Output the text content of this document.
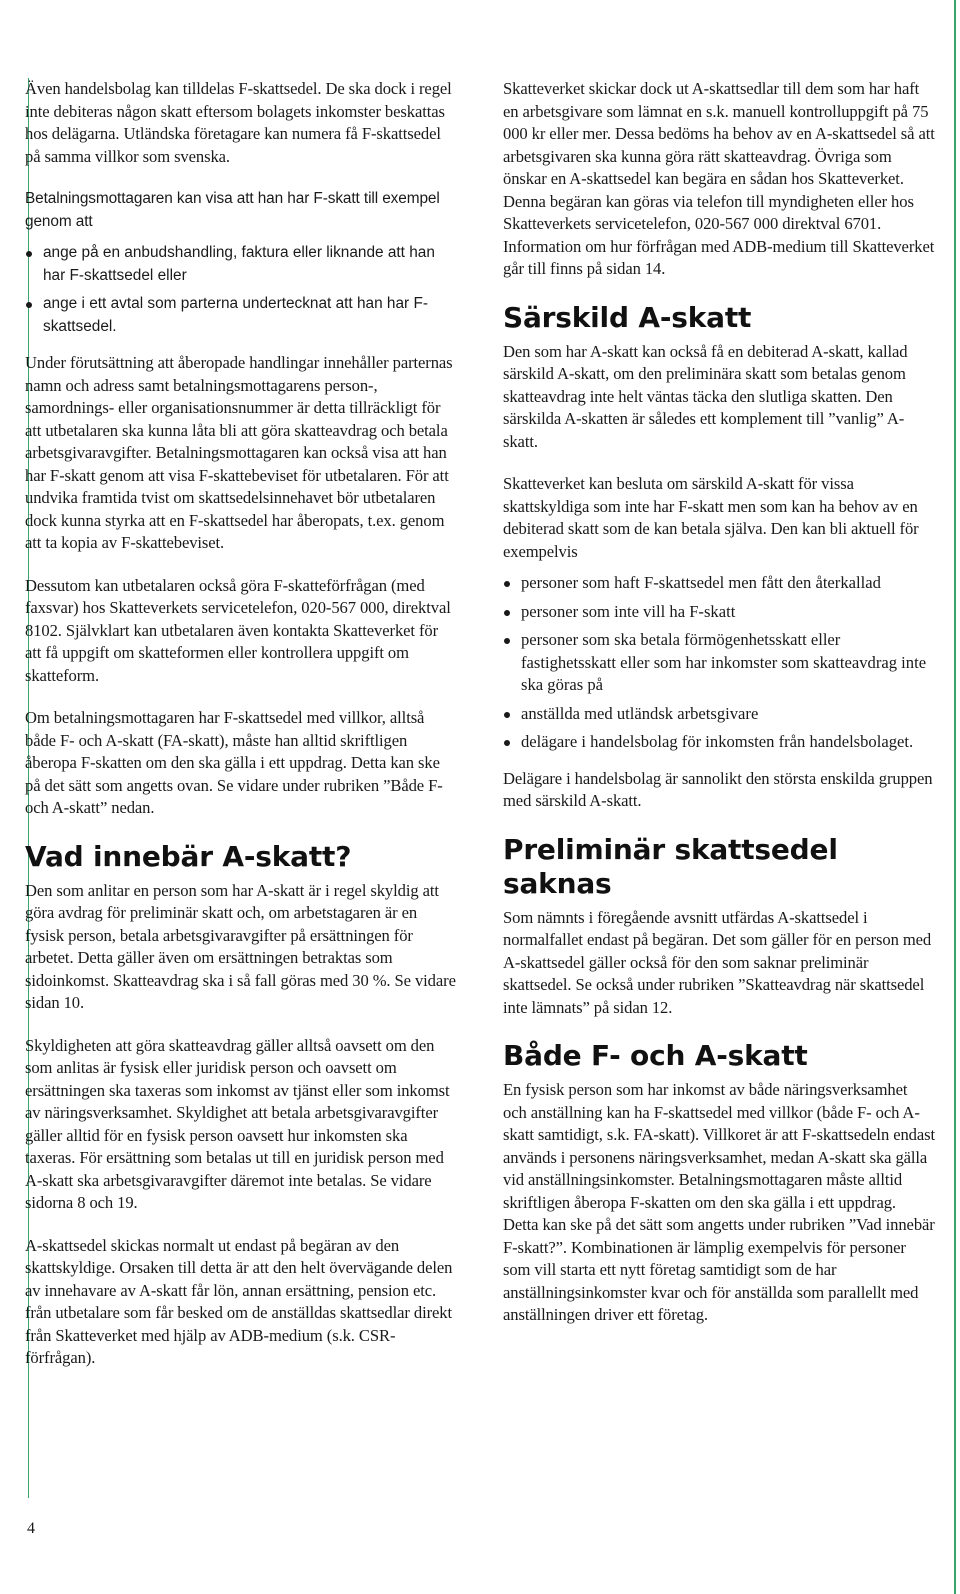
Även handelsbolag kan tilldelas F-skattsedel. De ska dock i regel inte debiteras någon skatt eftersom bolagets inkomster beskattas hos delägarna. Utländska företagare kan numera få F-skattsedel på samma villkor som svenska.

Betalningsmottagaren kan visa att han har F-skatt till exempel genom att

ange på en anbudshandling, faktura eller liknande att han har F-skattsedel eller
ange i ett avtal som parterna undertecknat att han har F-skattsedel.

Under förutsättning att åberopade handlingar innehåller parternas namn och adress samt betalningsmottagarens person-, samordnings- eller organisationsnummer är detta tillräckligt för att utbetalaren ska kunna låta bli att göra skatteavdrag och betala arbetsgivaravgifter. Betalningsmottagaren kan också visa att han har F-skatt genom att visa F-skattebeviset för utbetalaren. För att undvika framtida tvist om skattsedelsinnehavet bör utbetalaren dock kunna styrka att en F-skattsedel har åberopats, t.ex. genom att ta kopia av F-skattebeviset.

Dessutom kan utbetalaren också göra F-skatteförfrågan (med faxsvar) hos Skatteverkets servicetelefon, 020-567 000, direktval 8102. Självklart kan utbetalaren även kontakta Skatteverket för att få uppgift om skatteformen eller kontrollera uppgift om skatteform.

Om betalningsmottagaren har F-skattsedel med villkor, alltså både F- och A-skatt (FA-skatt), måste han alltid skriftligen åberopa F-skatten om den ska gälla i ett uppdrag. Detta kan ske på det sätt som angetts ovan. Se vidare under rubriken ”Både F- och A-skatt” nedan.

Vad innebär A-skatt?

Den som anlitar en person som har A-skatt är i regel skyldig att göra avdrag för preliminär skatt och, om arbetstagaren är en fysisk person, betala arbetsgivaravgifter på ersättningen för arbetet. Detta gäller även om ersättningen betraktas som sidoinkomst. Skatteavdrag ska i så fall göras med 30 %. Se vidare sidan 10.

Skyldigheten att göra skatteavdrag gäller alltså oavsett om den som anlitas är fysisk eller juridisk person och oavsett om ersättningen ska taxeras som inkomst av tjänst eller som inkomst av näringsverksamhet. Skyldighet att betala arbetsgivaravgifter gäller alltid för en fysisk person oavsett hur inkomsten ska taxeras. För ersättning som betalas ut till en juridisk person med A-skatt ska arbetsgivaravgifter däremot inte betalas. Se vidare sidorna 8 och 19.

A-skattsedel skickas normalt ut endast på begäran av den skattskyldige. Orsaken till detta är att den helt övervägande delen av innehavare av A-skatt får lön, annan ersättning, pension etc. från utbetalare som får besked om de anställdas skattsedlar direkt från Skatteverket med hjälp av ADB-medium (s.k. CSR-förfrågan).

Skatteverket skickar dock ut A-skattsedlar till dem som har haft en arbetsgivare som lämnat en s.k. manuell kontrolluppgift på 75 000 kr eller mer. Dessa bedöms ha behov av en A-skattsedel så att arbetsgivaren ska kunna göra rätt skatteavdrag. Övriga som önskar en A-skattsedel kan begära en sådan hos Skatteverket. Denna begäran kan göras via telefon till myndigheten eller hos Skatteverkets servicetelefon, 020-567 000 direktval 6701. Information om hur förfrågan med ADB-medium till Skatteverket går till finns på sidan 14.

Särskild A-skatt

Den som har A-skatt kan också få en debiterad A-skatt, kallad särskild A-skatt, om den preliminära skatt som betalas genom skatteavdrag inte helt väntas täcka den slutliga skatten. Den särskilda A-skatten är således ett komplement till ”vanlig” A-skatt.

Skatteverket kan besluta om särskild A-skatt för vissa skattskyldiga som inte har F-skatt men som kan ha behov av en debiterad skatt som de kan betala själva. Den kan bli aktuell för exempelvis

personer som haft F-skattsedel men fått den återkallad
personer som inte vill ha F-skatt
personer som ska betala förmögenhetsskatt eller fastighetsskatt eller som har inkomster som skatteavdrag inte ska göras på
anställda med utländsk arbetsgivare
delägare i handelsbolag för inkomsten från handelsbolaget.

Delägare i handelsbolag är sannolikt den största enskilda gruppen med särskild A-skatt.

Preliminär skattsedel saknas

Som nämnts i föregående avsnitt utfärdas A-skattsedel i normalfallet endast på begäran. Det som gäller för en person med A-skattsedel gäller också för den som saknar preliminär skattsedel. Se också under rubriken ”Skatteavdrag när skattsedel inte lämnats” på sidan 12.

Både F- och A-skatt

En fysisk person som har inkomst av både näringsverksamhet och anställning kan ha F-skattsedel med villkor (både F- och A-skatt samtidigt, s.k. FA-skatt). Villkoret är att F-skattsedeln endast används i personens näringsverksamhet, medan A-skatt ska gälla vid anställningsinkomster. Betalningsmottagaren måste alltid skriftligen åberopa F-skatten om den ska gälla i ett uppdrag. Detta kan ske på det sätt som angetts under rubriken ”Vad innebär F-skatt?”. Kombinationen är lämplig exempelvis för personer som vill starta ett nytt företag samtidigt som de har anställningsinkomster kvar och för anställda som parallellt med anställningen driver ett företag.

4
